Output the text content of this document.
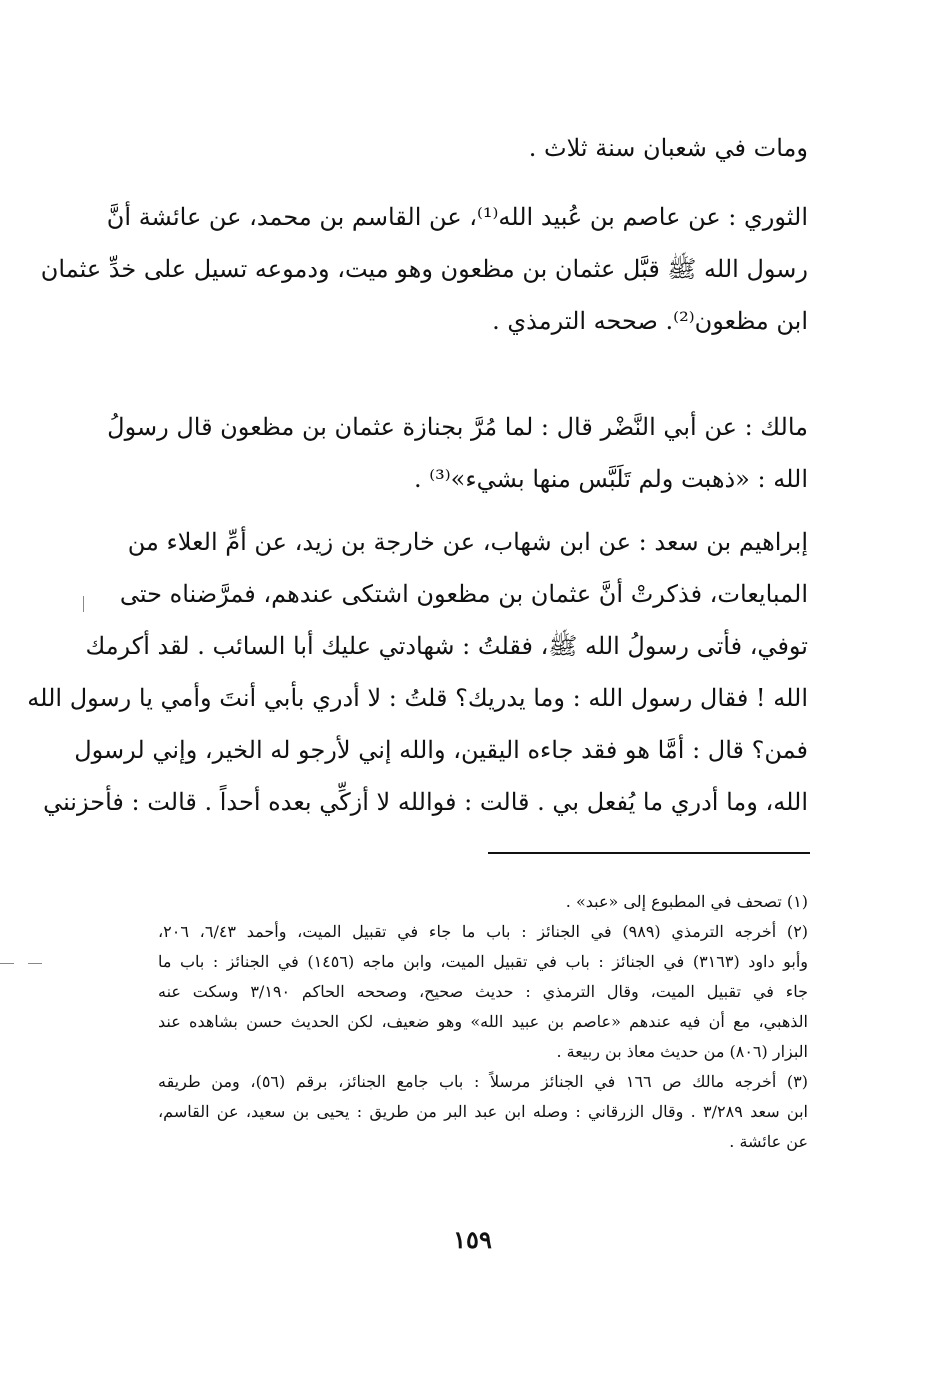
ومات في شعبان سنة ثلاث .
الثوري : عن عاصم بن عُبيد الله⁽¹⁾، عن القاسم بن محمد، عن عائشة أنَّ
رسول الله ﷺ قبَّل عثمان بن مظعون وهو ميت، ودموعه تسيل على خدِّ عثمان
ابن مظعون⁽²⁾. صححه الترمذي .
مالك : عن أبي النَّضْر قال : لما مُرَّ بجنازة عثمان بن مظعون قال رسولُ
الله : «ذهبت ولم تَلَبَّس منها بشيء»⁽³⁾ .
إبراهيم بن سعد : عن ابن شهاب، عن خارجة بن زيد، عن أمِّ العلاء من
المبايعات، فذكرتْ أنَّ عثمان بن مظعون اشتكى عندهم، فمرَّضناه حتى
توفي، فأتى رسولُ الله ﷺ، فقلتُ : شهادتي عليك أبا السائب . لقد أكرمك
الله ! فقال رسول الله : وما يدريك؟ قلتُ : لا أدري بأبي أنتَ وأمي يا رسول الله
فمن؟ قال : أمَّا هو فقد جاءه اليقين، والله إني لأرجو له الخير، وإني لرسول
الله، وما أدري ما يُفعل بي . قالت : فوالله لا أزكِّي بعده أحداً . قالت : فأحزنني
(١) تصحف في المطبوع إلى «عبد» .
(٢) أخرجه الترمذي (٩٨٩) في الجنائز : باب ما جاء في تقبيل الميت، وأحمد ٦/٤٣، ٢٠٦،
وأبو داود (٣١٦٣) في الجنائز : باب في تقبيل الميت، وابن ماجه (١٤٥٦) في الجنائز : باب ما
جاء في تقبيل الميت، وقال الترمذي : حديث صحيح، وصححه الحاكم ٣/١٩٠ وسكت عنه
الذهبي، مع أن فيه عندهم «عاصم بن عبيد الله» وهو ضعيف، لكن الحديث حسن بشاهده عند
البزار (٨٠٦) من حديث معاذ بن ربيعة .
(٣) أخرجه مالك ص ١٦٦ في الجنائز مرسلاً : باب جامع الجنائز، برقم (٥٦)، ومن طريقه
ابن سعد ٣/٢٨٩ . وقال الزرقاني : وصله ابن عبد البر من طريق : يحيى بن سعيد، عن القاسم،
عن عائشة .
١٥٩
